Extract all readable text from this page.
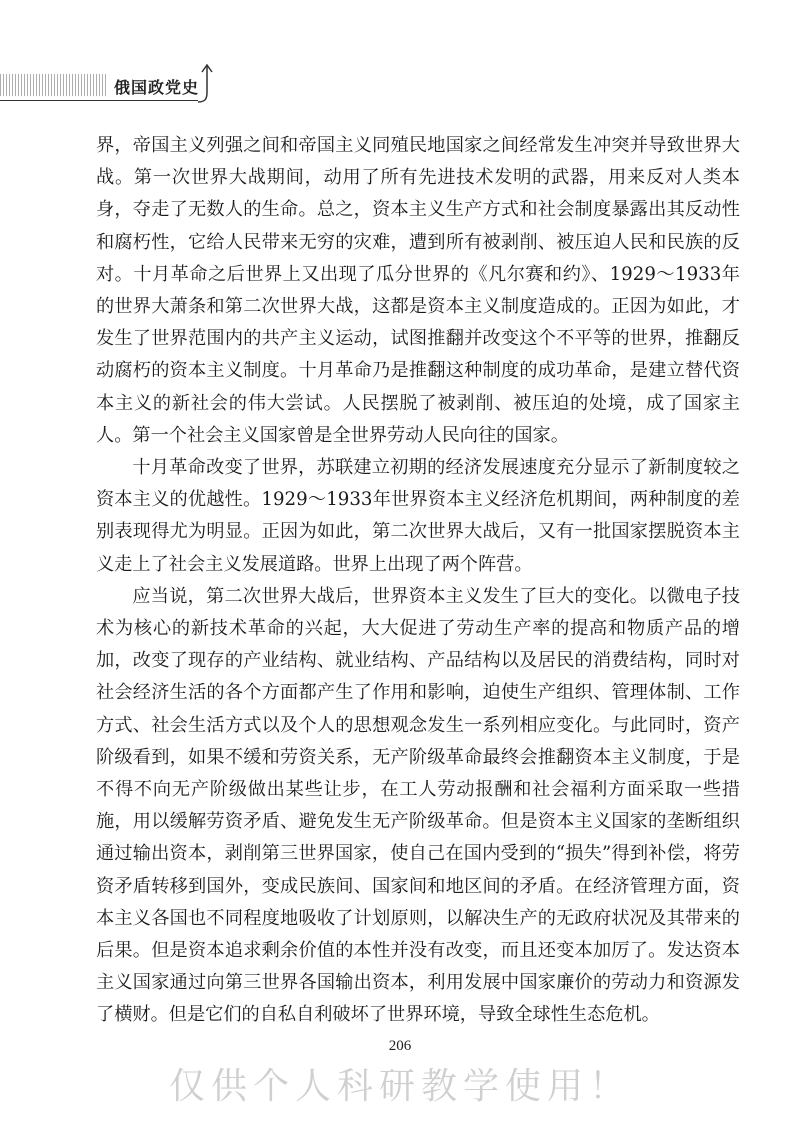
俄国政党史

界，帝国主义列强之间和帝国主义同殖民地国家之间经常发生冲突并导致世界大战。第一次世界大战期间，动用了所有先进技术发明的武器，用来反对人类本身，夺走了无数人的生命。总之，资本主义生产方式和社会制度暴露出其反动性和腐朽性，它给人民带来无穷的灾难，遭到所有被剥削、被压迫人民和民族的反对。十月革命之后世界上又出现了瓜分世界的《凡尔赛和约》、1929～1933年的世界大萧条和第二次世界大战，这都是资本主义制度造成的。正因为如此，才发生了世界范围内的共产主义运动，试图推翻并改变这个不平等的世界，推翻反动腐朽的资本主义制度。十月革命乃是推翻这种制度的成功革命，是建立替代资本主义的新社会的伟大尝试。人民摆脱了被剥削、被压迫的处境，成了国家主人。第一个社会主义国家曾是全世界劳动人民向往的国家。

十月革命改变了世界，苏联建立初期的经济发展速度充分显示了新制度较之资本主义的优越性。1929～1933年世界资本主义经济危机期间，两种制度的差别表现得尤为明显。正因为如此，第二次世界大战后，又有一批国家摆脱资本主义走上了社会主义发展道路。世界上出现了两个阵营。

应当说，第二次世界大战后，世界资本主义发生了巨大的变化。以微电子技术为核心的新技术革命的兴起，大大促进了劳动生产率的提高和物质产品的增加，改变了现存的产业结构、就业结构、产品结构以及居民的消费结构，同时对社会经济生活的各个方面都产生了作用和影响，迫使生产组织、管理体制、工作方式、社会生活方式以及个人的思想观念发生一系列相应变化。与此同时，资产阶级看到，如果不缓和劳资关系，无产阶级革命最终会推翻资本主义制度，于是不得不向无产阶级做出某些让步，在工人劳动报酬和社会福利方面采取一些措施，用以缓解劳资矛盾、避免发生无产阶级革命。但是资本主义国家的垄断组织通过输出资本，剥削第三世界国家，使自己在国内受到的“损失”得到补偿，将劳资矛盾转移到国外，变成民族间、国家间和地区间的矛盾。在经济管理方面，资本主义各国也不同程度地吸收了计划原则，以解决生产的无政府状况及其带来的后果。但是资本追求剩余价值的本性并没有改变，而且还变本加厉了。发达资本主义国家通过向第三世界各国输出资本，利用发展中国家廉价的劳动力和资源发了横财。但是它们的自私自利破坏了世界环境，导致全球性生态危机。

206
仅供个人科研教学使用！
